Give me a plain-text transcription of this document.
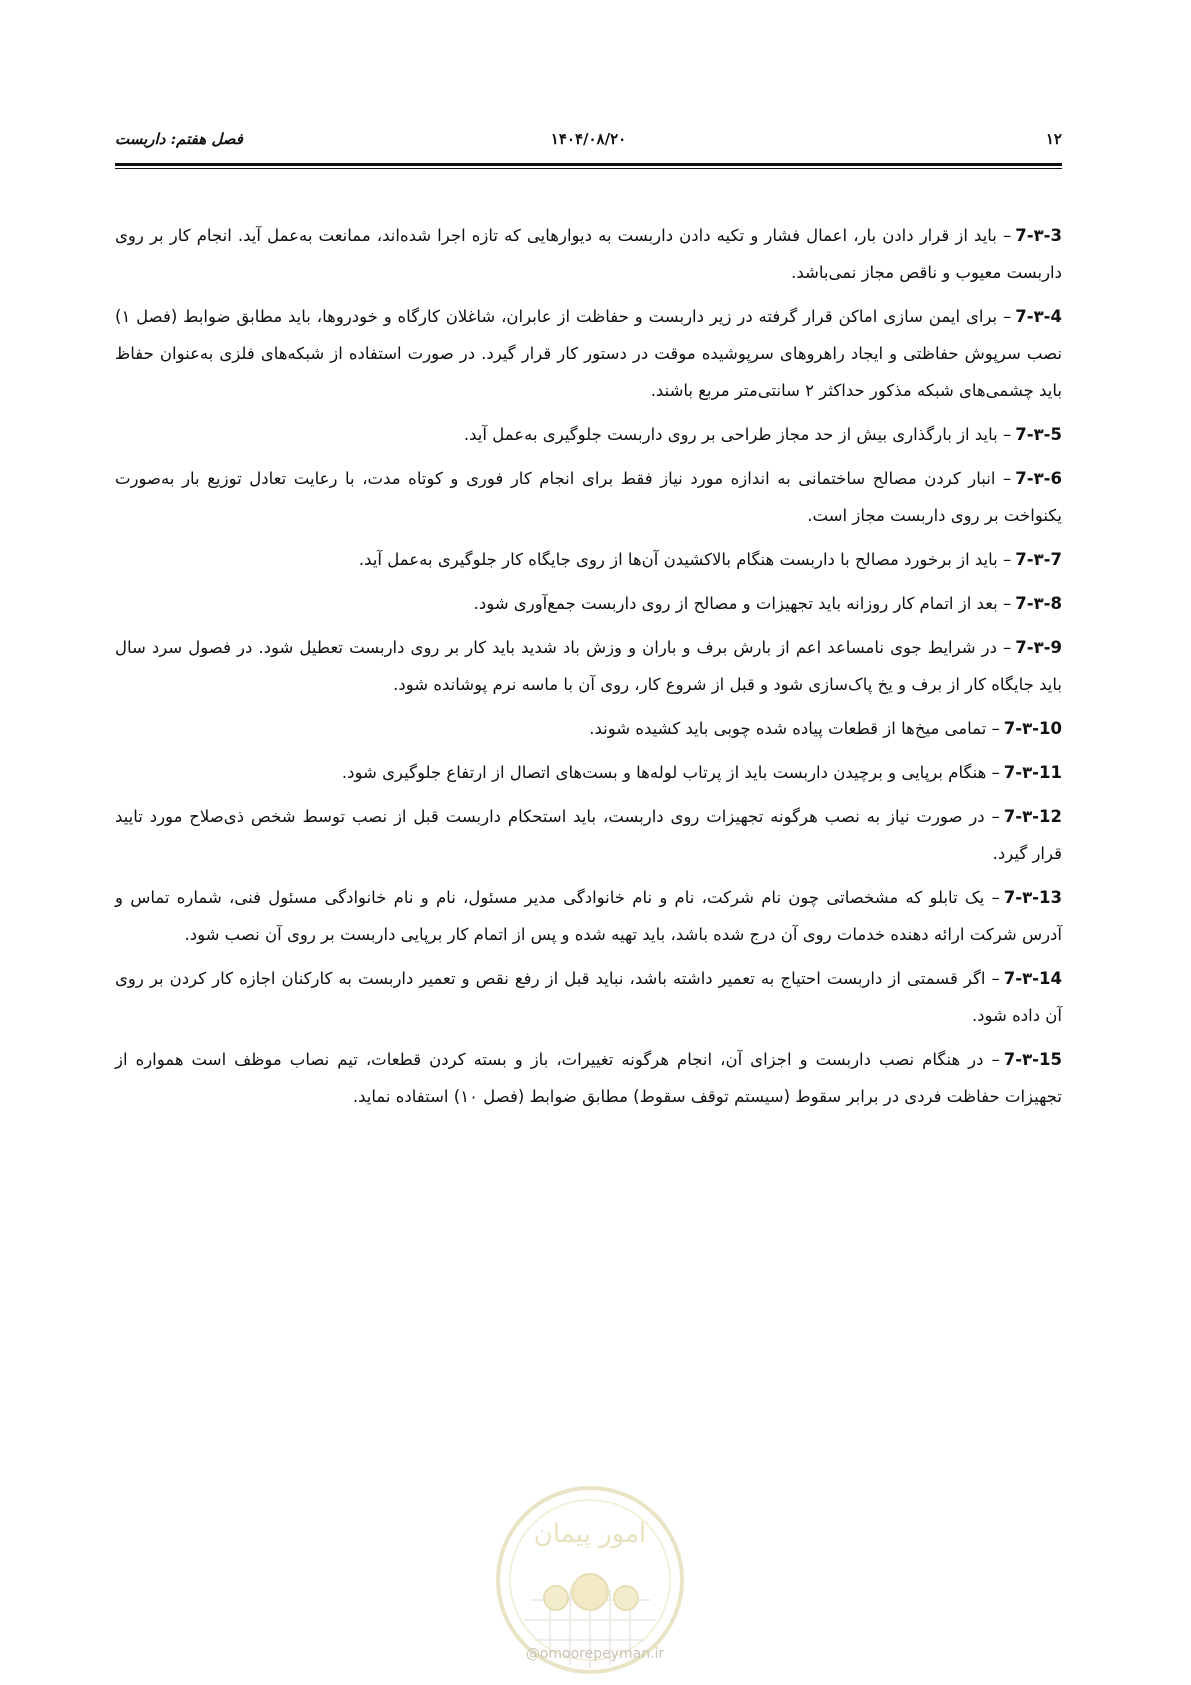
۱۲
۱۴۰۴/۰۸/۲۰
فصل هفتم: داربست

7-۳-3– باید از قرار دادن بار، اعمال فشار و تکیه دادن داربست به دیوارهایی که تازه اجرا شده‌اند، ممانعت به‌عمل آید. انجام کار بر روی داربست معیوب و ناقص مجاز نمی‌باشد.

7-۳-4– برای ایمن سازی اماکن قرار گرفته در زیر داربست و حفاظت از عابران، شاغلان کارگاه و خودروها، باید مطابق ضوابط (فصل ۱) نصب سرپوش حفاظتی و ایجاد راهروهای سرپوشیده موقت در دستور کار قرار گیرد. در صورت استفاده از شبکه‌های فلزی به‌عنوان حفاظ باید چشمی‌های شبکه مذکور حداکثر ۲ سانتی‌متر مربع باشند.

7-۳-5– باید از بارگذاری بیش از حد مجاز طراحی بر روی داربست جلوگیری به‌عمل آید.

7-۳-6– انبار کردن مصالح ساختمانی به اندازه مورد نیاز فقط برای انجام کار فوری و کوتاه مدت، با رعایت تعادل توزیع بار به‌صورت یکنواخت بر روی داربست مجاز است.

7-۳-7– باید از برخورد مصالح با داربست هنگام بالاکشیدن آن‌ها از روی جایگاه کار جلوگیری به‌عمل آید.

7-۳-8– بعد از اتمام کار روزانه باید تجهیزات و مصالح از روی داربست جمع‌آوری شود.

7-۳-9– در شرایط جوی نامساعد اعم از بارش برف و باران و وزش باد شدید باید کار بر روی داربست تعطیل شود. در فصول سرد سال باید جایگاه کار از برف و یخ پاک‌سازی شود و قبل از شروع کار، روی آن با ماسه نرم پوشانده شود.

7-۳-10– تمامی میخ‌ها از قطعات پیاده شده چوبی باید کشیده شوند.

7-۳-11– هنگام برپایی و برچیدن داربست باید از پرتاب لوله‌ها و بست‌های اتصال از ارتفاع جلوگیری شود.

7-۳-12– در صورت نیاز به نصب هرگونه تجهیزات روی داربست، باید استحکام داربست قبل از نصب توسط شخص ذی‌صلاح مورد تایید قرار گیرد.

7-۳-13– یک تابلو که مشخصاتی چون نام شرکت، نام و نام خانوادگی مدیر مسئول، نام و نام خانوادگی مسئول فنی، شماره تماس و آدرس شرکت ارائه دهنده خدمات روی آن درج شده باشد، باید تهیه شده و پس از اتمام کار برپایی داربست بر روی آن نصب شود.

7-۳-14– اگر قسمتی از داربست احتیاج به تعمیر داشته باشد، نباید قبل از رفع نقص و تعمیر داربست به کارکنان اجازه کار کردن بر روی آن داده شود.

7-۳-15– در هنگام نصب داربست و اجزای آن، انجام هرگونه تغییرات، باز و بسته کردن قطعات، تیم نصاب موظف است همواره از تجهیزات حفاظت فردی در برابر سقوط (سیستم توقف سقوط) مطابق ضوابط (فصل ۱۰) استفاده نماید.

امور پیمان
@omoorepeyman.ir
